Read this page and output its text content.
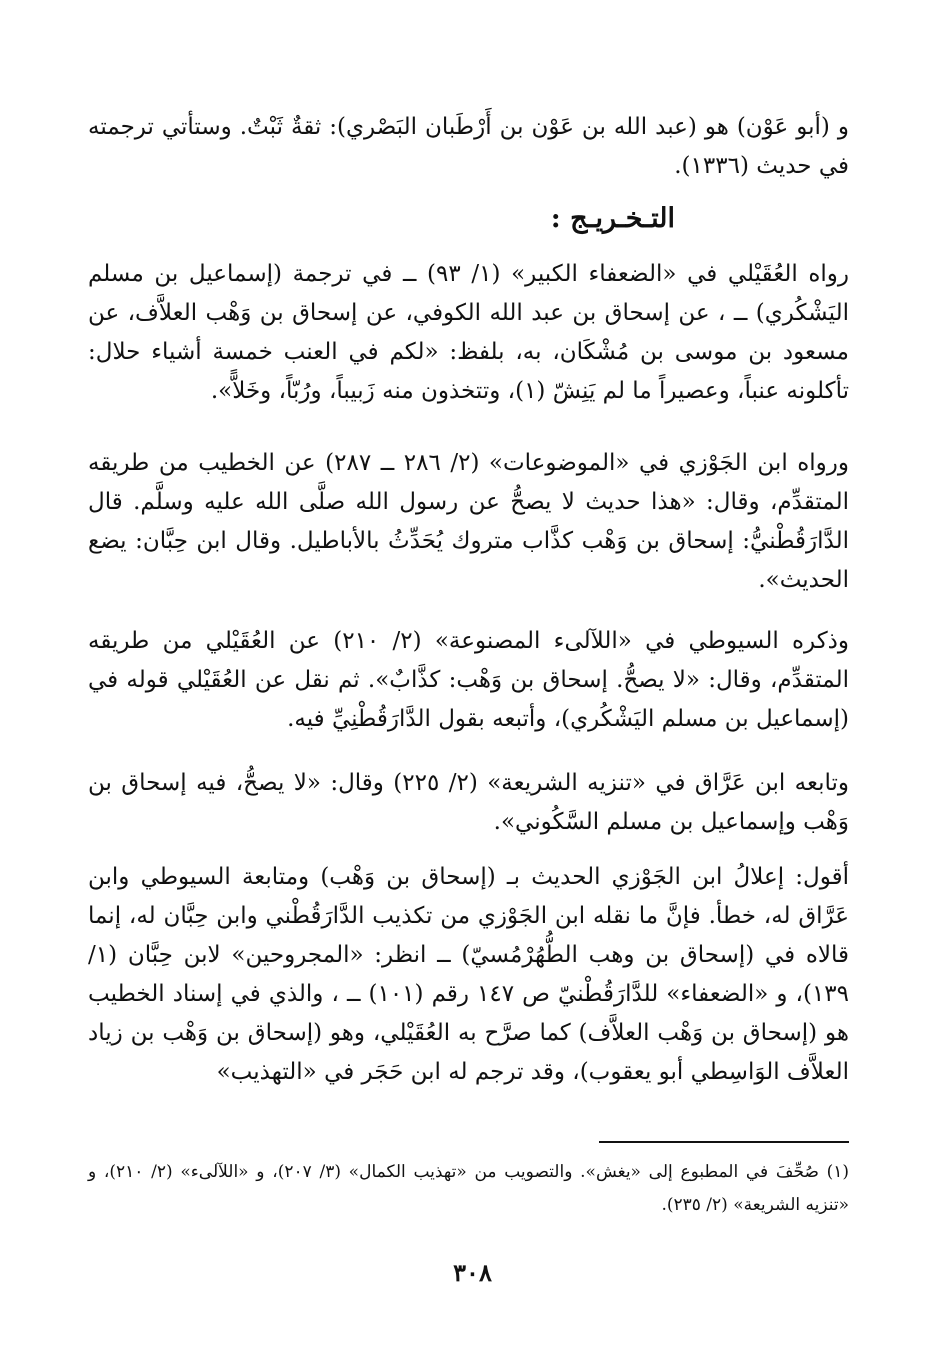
و (أبو عَوْن) هو (عبد الله بن عَوْن بن أَرْطَبان البَصْري): ثقةٌ ثَبْتٌ. وستأتي ترجمته في حديث (١٣٣٦).

التـخـريـج :

رواه العُقَيْلي في «الضعفاء الكبير» (١/ ٩٣) ــ في ترجمة (إسماعيل بن مسلم اليَشْكُري) ــ ، عن إسحاق بن عبد الله الكوفي، عن إسحاق بن وَهْب العلاَّف، عن مسعود بن موسى بن مُشْكَان، به، بلفظ: «لكم في العنب خمسة أشياء حلال: تأكلونه عنباً، وعصيراً ما لم يَنِشّ (١)، وتتخذون منه زَبيباً، ورُبّاً، وخَلاًّ».

ورواه ابن الجَوْزي في «الموضوعات» (٢/ ٢٨٦ ــ ٢٨٧) عن الخطيب من طريقه المتقدِّم، وقال: «هذا حديث لا يصحُّ عن رسول الله صلَّى الله عليه وسلَّم. قال الدَّارَقُطْنيُّ: إسحاق بن وَهْب كذَّاب متروك يُحَدِّثُ بالأباطيل. وقال ابن حِبَّان: يضع الحديث».

وذكره السيوطي في «اللآلىء المصنوعة» (٢/ ٢١٠) عن العُقَيْلي من طريقه المتقدِّم، وقال: «لا يصحُّ. إسحاق بن وَهْب: كذَّابٌ». ثم نقل عن العُقَيْلي قوله في (إسماعيل بن مسلم اليَشْكُري)، وأتبعه بقول الدَّارَقُطْنِيِّ فيه.

وتابعه ابن عَرَّاق في «تنزيه الشريعة» (٢/ ٢٢٥) وقال: «لا يصحُّ، فيه إسحاق بن وَهْب وإسماعيل بن مسلم السَّكُوني».

أقول: إعلالُ ابن الجَوْزي الحديث بـ (إسحاق بن وَهْب) ومتابعة السيوطي وابن عَرَّاق له، خطأ. فإنَّ ما نقله ابن الجَوْزي من تكذيب الدَّارَقُطْني وابن حِبَّان له، إنما قالاه في (إسحاق بن وهب الطُّهُرْمُسيّ) ــ انظر: «المجروحين» لابن حِبَّان (١/ ١٣٩)، و «الضعفاء» للدَّارَقُطْنيّ ص ١٤٧ رقم (١٠١) ــ ، والذي في إسناد الخطيب هو (إسحاق بن وَهْب العلاَّف) كما صرَّح به العُقَيْلي، وهو (إسحاق بن وَهْب بن زياد العلاَّف الوَاسِطي أبو يعقوب)، وقد ترجم له ابن حَجَر في «التهذيب»

(١) صُحِّفَ في المطبوع إلى «يغش». والتصويب من «تهذيب الكمال» (٣/ ٢٠٧)، و «اللآلىء» (٢/ ٢١٠)، و «تنزيه الشريعة» (٢/ ٢٣٥).

٣٠٨
